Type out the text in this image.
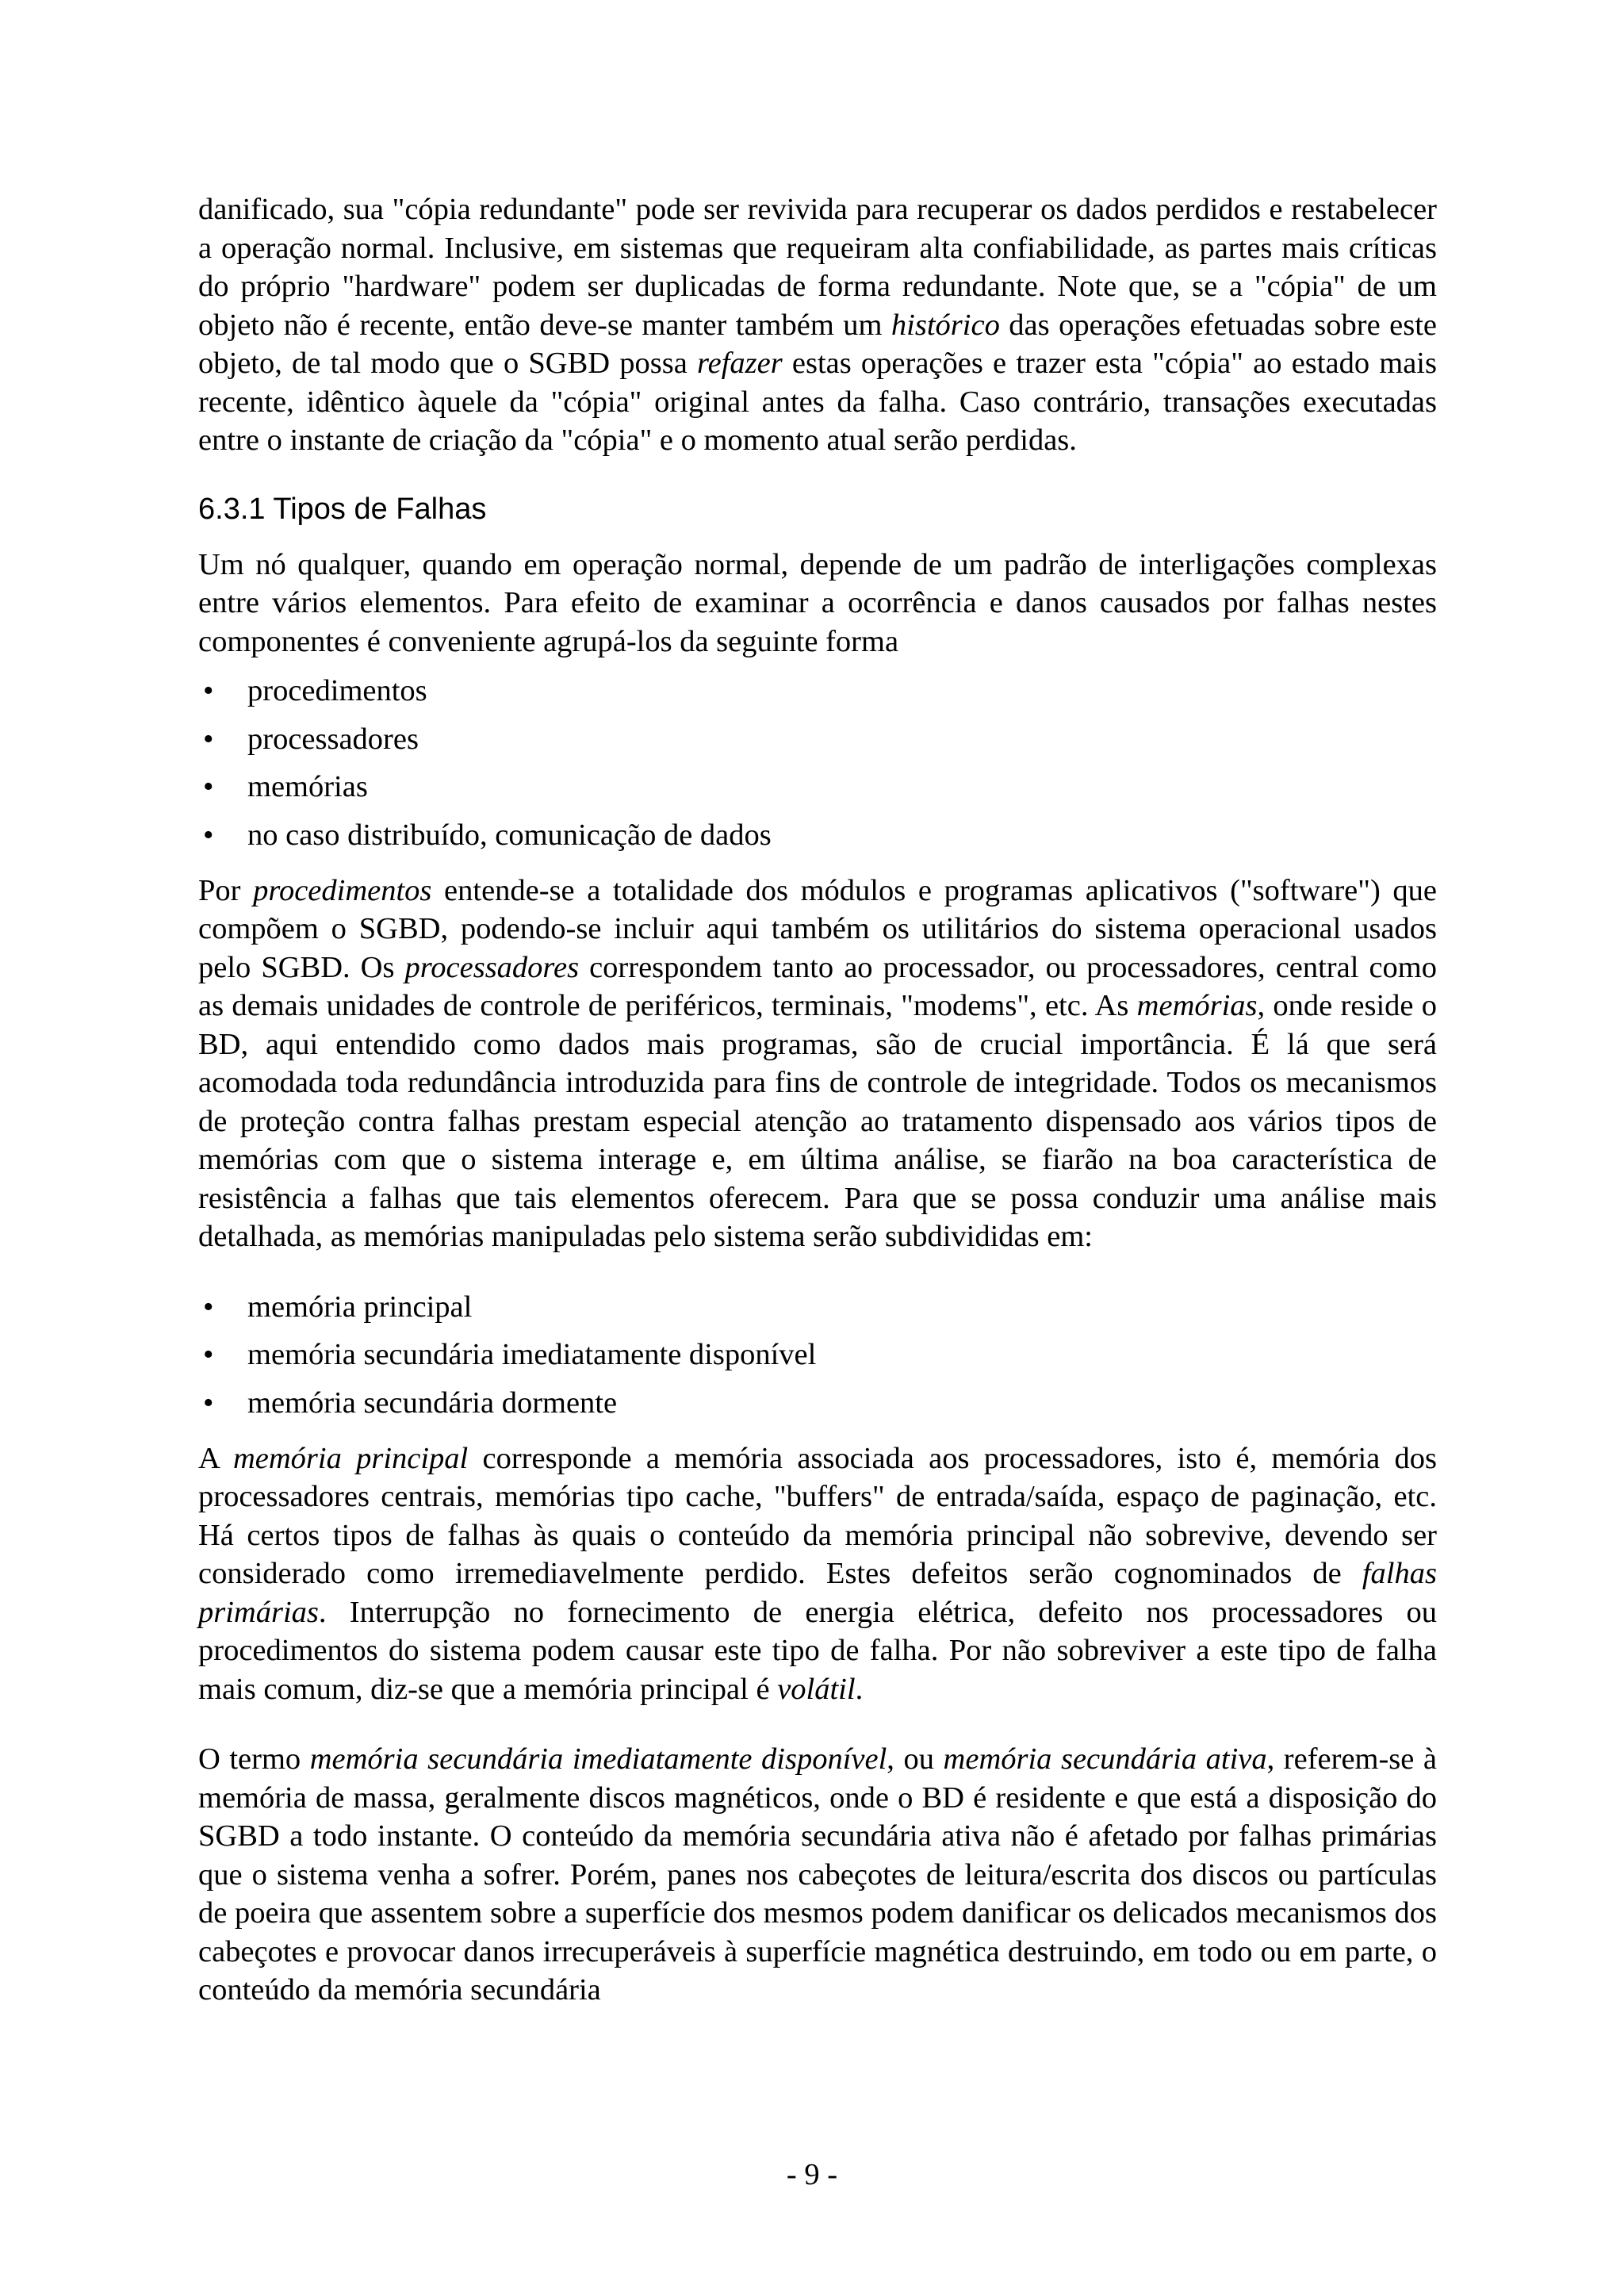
danificado, sua "cópia redundante" pode ser revivida para recuperar os dados perdidos e restabelecer a operação normal. Inclusive, em sistemas que requeiram alta confiabilidade, as partes mais críticas do próprio "hardware" podem ser duplicadas de forma redundante. Note que, se a "cópia" de um objeto não é recente, então deve-se manter também um histórico das operações efetuadas sobre este objeto, de tal modo que o SGBD possa refazer estas operações e trazer esta "cópia" ao estado mais recente, idêntico àquele da "cópia" original antes da falha. Caso contrário, transações executadas entre o instante de criação da "cópia" e o momento atual serão perdidas.

6.3.1 Tipos de Falhas

Um nó qualquer, quando em operação normal, depende de um padrão de interligações complexas entre vários elementos. Para efeito de examinar a ocorrência e danos causados por falhas nestes componentes é conveniente agrupá-los da seguinte forma

• procedimentos
• processadores
• memórias
• no caso distribuído, comunicação de dados

Por procedimentos entende-se a totalidade dos módulos e programas aplicativos ("software") que compõem o SGBD, podendo-se incluir aqui também os utilitários do sistema operacional usados pelo SGBD. Os processadores correspondem tanto ao processador, ou processadores, central como as demais unidades de controle de periféricos, terminais, "modems", etc. As memórias, onde reside o BD, aqui entendido como dados mais programas, são de crucial importância. É lá que será acomodada toda redundância introduzida para fins de controle de integridade. Todos os mecanismos de proteção contra falhas prestam especial atenção ao tratamento dispensado aos vários tipos de memórias com que o sistema interage e, em última análise, se fiarão na boa característica de resistência a falhas que tais elementos oferecem. Para que se possa conduzir uma análise mais detalhada, as memórias manipuladas pelo sistema serão subdivididas em:

• memória principal
• memória secundária imediatamente disponível
• memória secundária dormente

A memória principal corresponde a memória associada aos processadores, isto é, memória dos processadores centrais, memórias tipo cache, "buffers" de entrada/saída, espaço de paginação, etc. Há certos tipos de falhas às quais o conteúdo da memória principal não sobrevive, devendo ser considerado como irremediavelmente perdido. Estes defeitos serão cognominados de falhas primárias. Interrupção no fornecimento de energia elétrica, defeito nos processadores ou procedimentos do sistema podem causar este tipo de falha. Por não sobreviver a este tipo de falha mais comum, diz-se que a memória principal é volátil.

O termo memória secundária imediatamente disponível, ou memória secundária ativa, referem-se à memória de massa, geralmente discos magnéticos, onde o BD é residente e que está a disposição do SGBD a todo instante. O conteúdo da memória secundária ativa não é afetado por falhas primárias que o sistema venha a sofrer. Porém, panes nos cabeçotes de leitura/escrita dos discos ou partículas de poeira que assentem sobre a superfície dos mesmos podem danificar os delicados mecanismos dos cabeçotes e provocar danos irrecuperáveis à superfície magnética destruindo, em todo ou em parte, o conteúdo da memória secundária

- 9 -
